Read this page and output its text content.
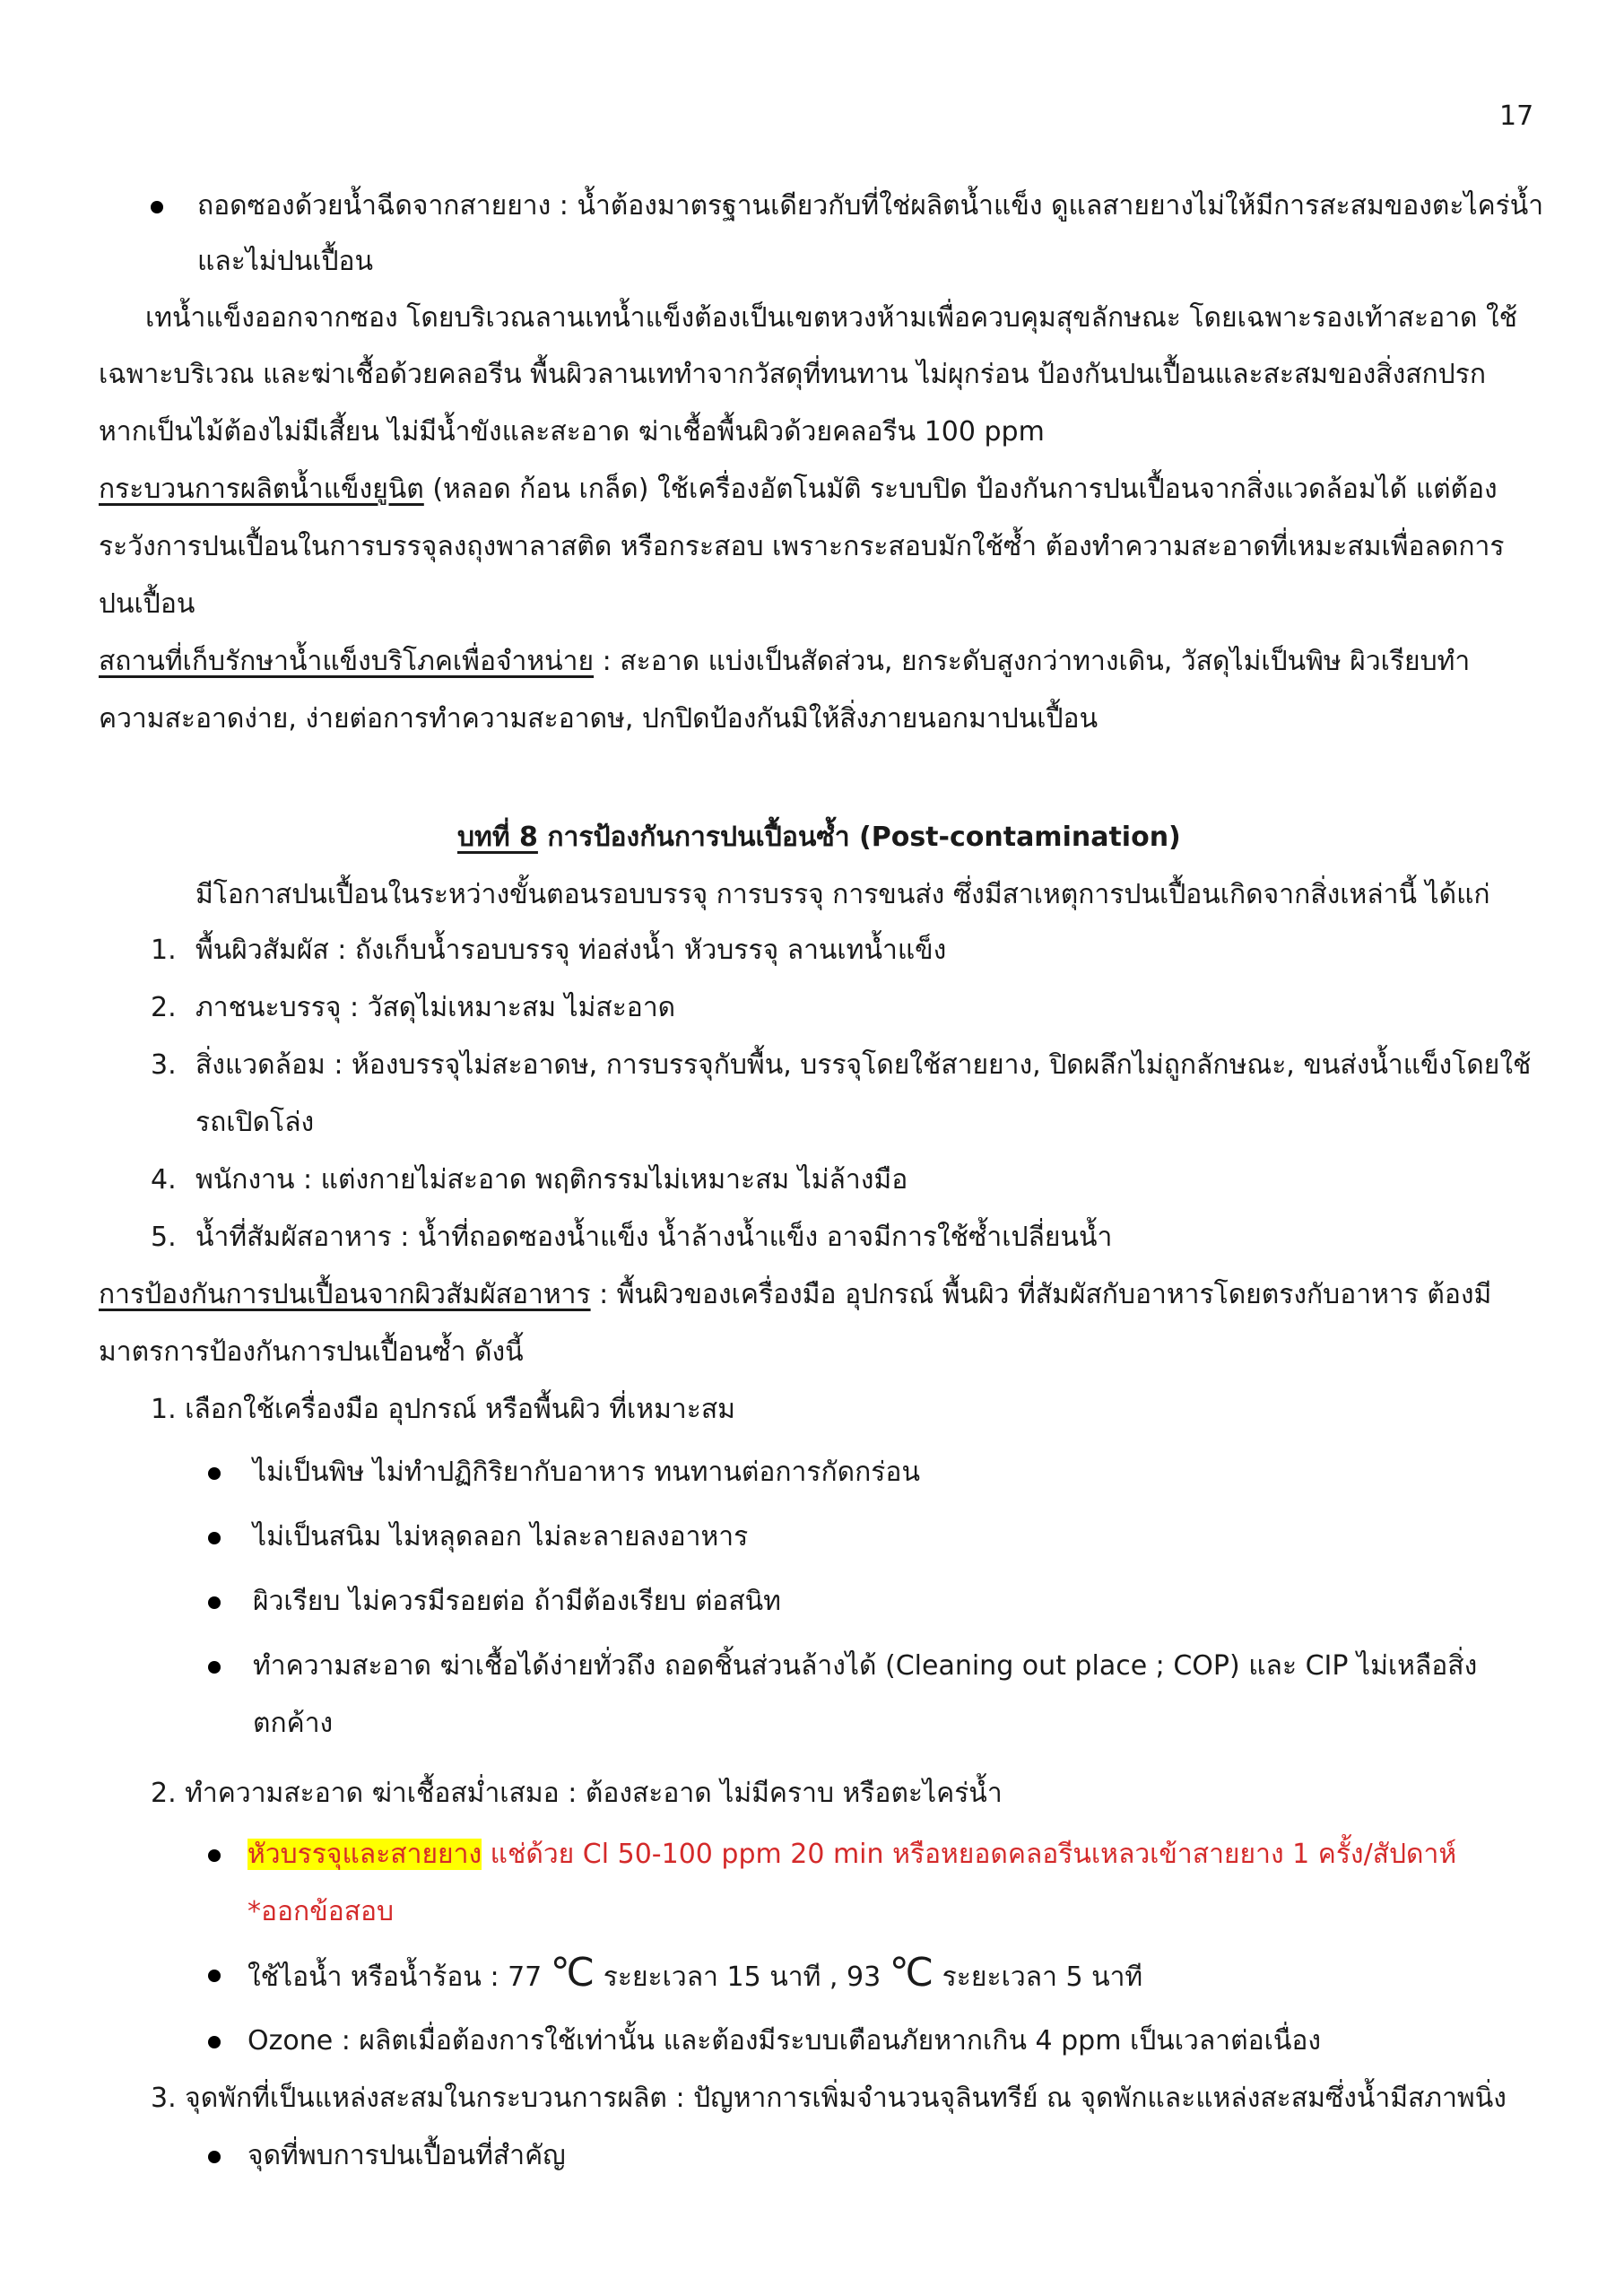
17
ถอดซองด้วยน้ำฉีดจากสายยาง : น้ำต้องมาตรฐานเดียวกับที่ใช่ผลิตน้ำแข็ง ดูแลสายยางไม่ให้มีการสะสมของตะไคร่น้ำ
และไม่ปนเปื้อน
เทน้ำแข็งออกจากซอง โดยบริเวณลานเทน้ำแข็งต้องเป็นเขตหวงห้ามเพื่อควบคุมสุขลักษณะ โดยเฉพาะรองเท้าสะอาด ใช้
เฉพาะบริเวณ และฆ่าเชื้อด้วยคลอรีน พื้นผิวลานเททำจากวัสดุที่ทนทาน ไม่ผุกร่อน ป้องกันปนเปื้อนและสะสมของสิ่งสกปรก
หากเป็นไม้ต้องไม่มีเสี้ยน ไม่มีน้ำขังและสะอาด ฆ่าเชื้อพื้นผิวด้วยคลอรีน 100 ppm
กระบวนการผลิตน้ำแข็งยูนิต (หลอด ก้อน เกล็ด) ใช้เครื่องอัตโนมัติ ระบบปิด ป้องกันการปนเปื้อนจากสิ่งแวดล้อมได้ แต่ต้อง
ระวังการปนเปื้อนในการบรรจุลงถุงพาลาสติด หรือกระสอบ เพราะกระสอบมักใช้ซ้ำ ต้องทำความสะอาดที่เหมะสมเพื่อลดการ
ปนเปื้อน
สถานที่เก็บรักษาน้ำแข็งบริโภคเพื่อจำหน่าย : สะอาด แบ่งเป็นสัดส่วน, ยกระดับสูงกว่าทางเดิน, วัสดุไม่เป็นพิษ ผิวเรียบทำ
ความสะอาดง่าย, ง่ายต่อการทำความสะอาดษ, ปกปิดป้องกันมิให้สิ่งภายนอกมาปนเปื้อน
บทที่ 8 การป้องกันการปนเปื้อนซ้ำ (Post-contamination)
มีโอกาสปนเปื้อนในระหว่างขั้นตอนรอบบรรจุ การบรรจุ การขนส่ง ซึ่งมีสาเหตุการปนเปื้อนเกิดจากสิ่งเหล่านี้ ได้แก่
1. พื้นผิวสัมผัส : ถังเก็บน้ำรอบบรรจุ ท่อส่งน้ำ หัวบรรจุ ลานเทน้ำแข็ง
2. ภาชนะบรรจุ : วัสดุไม่เหมาะสม ไม่สะอาด
3. สิ่งแวดล้อม : ห้องบรรจุไม่สะอาดษ, การบรรจุกับพื้น, บรรจุโดยใช้สายยาง, ปิดผลึกไม่ถูกลักษณะ, ขนส่งน้ำแข็งโดยใช้
รถเปิดโล่ง
4. พนักงาน : แต่งกายไม่สะอาด พฤติกรรมไม่เหมาะสม ไม่ล้างมือ
5. น้ำที่สัมผัสอาหาร : น้ำที่ถอดซองน้ำแข็ง น้ำล้างน้ำแข็ง อาจมีการใช้ซ้ำเปลี่ยนน้ำ
การป้องกันการปนเปื้อนจากผิวสัมผัสอาหาร : พื้นผิวของเครื่องมือ อุปกรณ์ พื้นผิว ที่สัมผัสกับอาหารโดยตรงกับอาหาร ต้องมี
มาตรการป้องกันการปนเปื้อนซ้ำ ดังนี้
1. เลือกใช้เครื่องมือ อุปกรณ์ หรือพื้นผิว ที่เหมาะสม
ไม่เป็นพิษ ไม่ทำปฏิกิริยากับอาหาร ทนทานต่อการกัดกร่อน
ไม่เป็นสนิม ไม่หลุดลอก ไม่ละลายลงอาหาร
ผิวเรียบ ไม่ควรมีรอยต่อ ถ้ามีต้องเรียบ ต่อสนิท
ทำความสะอาด ฆ่าเชื้อได้ง่ายทั่วถึง ถอดชิ้นส่วนล้างได้ (Cleaning out place ; COP) และ CIP ไม่เหลือสิ่ง
ตกค้าง
2. ทำความสะอาด ฆ่าเชื้อสม่ำเสมอ : ต้องสะอาด ไม่มีคราบ หรือตะไคร่น้ำ
หัวบรรจุและสายยาง แช่ด้วย Cl 50-100 ppm 20 min หรือหยอดคลอรีนเหลวเข้าสายยาง 1 ครั้ง/สัปดาห์
*ออกข้อสอบ
ใช้ไอน้ำ หรือน้ำร้อน : 77 ℃ ระยะเวลา 15 นาที , 93 ℃ ระยะเวลา 5 นาที
Ozone : ผลิตเมื่อต้องการใช้เท่านั้น และต้องมีระบบเตือนภัยหากเกิน 4 ppm เป็นเวลาต่อเนื่อง
3. จุดพักที่เป็นแหล่งสะสมในกระบวนการผลิต : ปัญหาการเพิ่มจำนวนจุลินทรีย์ ณ จุดพักและแหล่งสะสมซึ่งน้ำมีสภาพนิ่ง
จุดที่พบการปนเปื้อนที่สำคัญ
